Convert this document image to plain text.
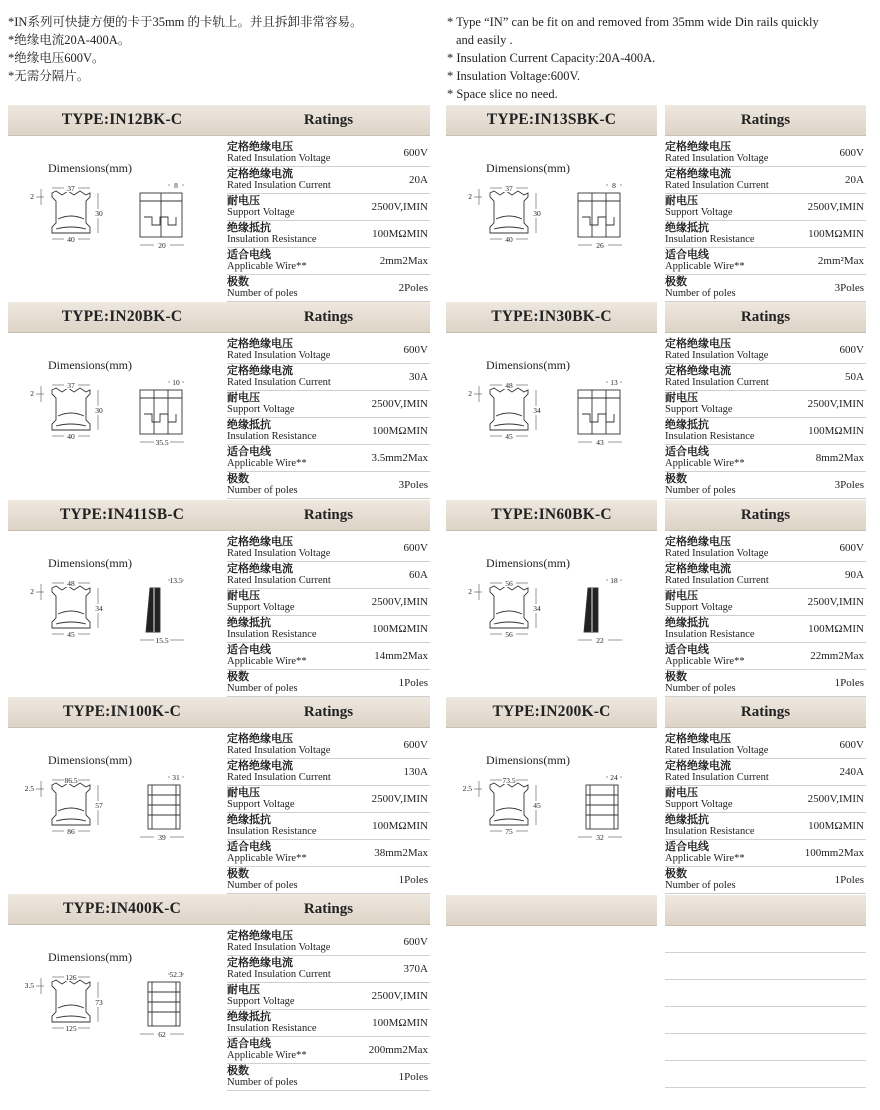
*IN系列可快捷方便的卡于35mm 的卡轨上。并且拆卸非常容易。
*绝缘电流20A-400A。
*绝缘电压600V。
*无需分隔片。
* Type “IN” can be fit on and removed from 35mm wide Din rails quickly
and easily .
* Insulation Current Capacity:20A-400A.
* Insulation Voltage:600V.
* Space slice no need.
TYPE:IN12BK-C	Ratings
Dimensions(mm)
定格绝缘电压
Rated Insulation Voltage	600V
定格绝缘电流
Rated Insulation Current	20A
耐电压
Support Voltage	2500V,IMIN
绝缘抵抗
Insulation Resistance	100MΩMIN
适合电线
Applicable Wire**	2mm2Max
极数
Number of poles	2Poles
37
40
30
2
8
20
TYPE:IN13SBK-C	Ratings
Dimensions(mm)
定格绝缘电压
Rated Insulation Voltage	600V
定格绝缘电流
Rated Insulation Current	20A
耐电压
Support Voltage	2500V,IMIN
绝缘抵抗
Insulation Resistance	100MΩMIN
适合电线
Applicable Wire**	2mm²Max
极数
Number of poles	3Poles
37
40
30
2
8
26
TYPE:IN20BK-C	Ratings
Dimensions(mm)
定格绝缘电压
Rated Insulation Voltage	600V
定格绝缘电流
Rated Insulation Current	30A
耐电压
Support Voltage	2500V,IMIN
绝缘抵抗
Insulation Resistance	100MΩMIN
适合电线
Applicable Wire**	3.5mm2Max
极数
Number of poles	3Poles
37
40
30
2
10
35.5
TYPE:IN30BK-C	Ratings
Dimensions(mm)
定格绝缘电压
Rated Insulation Voltage	600V
定格绝缘电流
Rated Insulation Current	50A
耐电压
Support Voltage	2500V,IMIN
绝缘抵抗
Insulation Resistance	100MΩMIN
适合电线
Applicable Wire**	8mm2Max
极数
Number of poles	3Poles
48
45
34
2
13
43
TYPE:IN411SB-C	Ratings
Dimensions(mm)
定格绝缘电压
Rated Insulation Voltage	600V
定格绝缘电流
Rated Insulation Current	60A
耐电压
Support Voltage	2500V,IMIN
绝缘抵抗
Insulation Resistance	100MΩMIN
适合电线
Applicable Wire**	14mm2Max
极数
Number of poles	1Poles
48
45
34
2
13.5
15.5
TYPE:IN60BK-C	Ratings
Dimensions(mm)
定格绝缘电压
Rated Insulation Voltage	600V
定格绝缘电流
Rated Insulation Current	90A
耐电压
Support Voltage	2500V,IMIN
绝缘抵抗
Insulation Resistance	100MΩMIN
适合电线
Applicable Wire**	22mm2Max
极数
Number of poles	1Poles
56
56
34
2
18
22
TYPE:IN100K-C	Ratings
Dimensions(mm)
定格绝缘电压
Rated Insulation Voltage	600V
定格绝缘电流
Rated Insulation Current	130A
耐电压
Support Voltage	2500V,IMIN
绝缘抵抗
Insulation Resistance	100MΩMIN
适合电线
Applicable Wire**	38mm2Max
极数
Number of poles	1Poles
86.5
86
57
2.5
31
39
TYPE:IN200K-C	Ratings
Dimensions(mm)
定格绝缘电压
Rated Insulation Voltage	600V
定格绝缘电流
Rated Insulation Current	240A
耐电压
Support Voltage	2500V,IMIN
绝缘抵抗
Insulation Resistance	100MΩMIN
适合电线
Applicable Wire**	100mm2Max
极数
Number of poles	1Poles
73.5
75
45
2.5
24
32
TYPE:IN400K-C	Ratings
Dimensions(mm)
定格绝缘电压
Rated Insulation Voltage	600V
定格绝缘电流
Rated Insulation Current	370A
耐电压
Support Voltage	2500V,IMIN
绝缘抵抗
Insulation Resistance	100MΩMIN
适合电线
Applicable Wire**	200mm2Max
极数
Number of poles	1Poles
126
125
73
3.5
52.3
62
